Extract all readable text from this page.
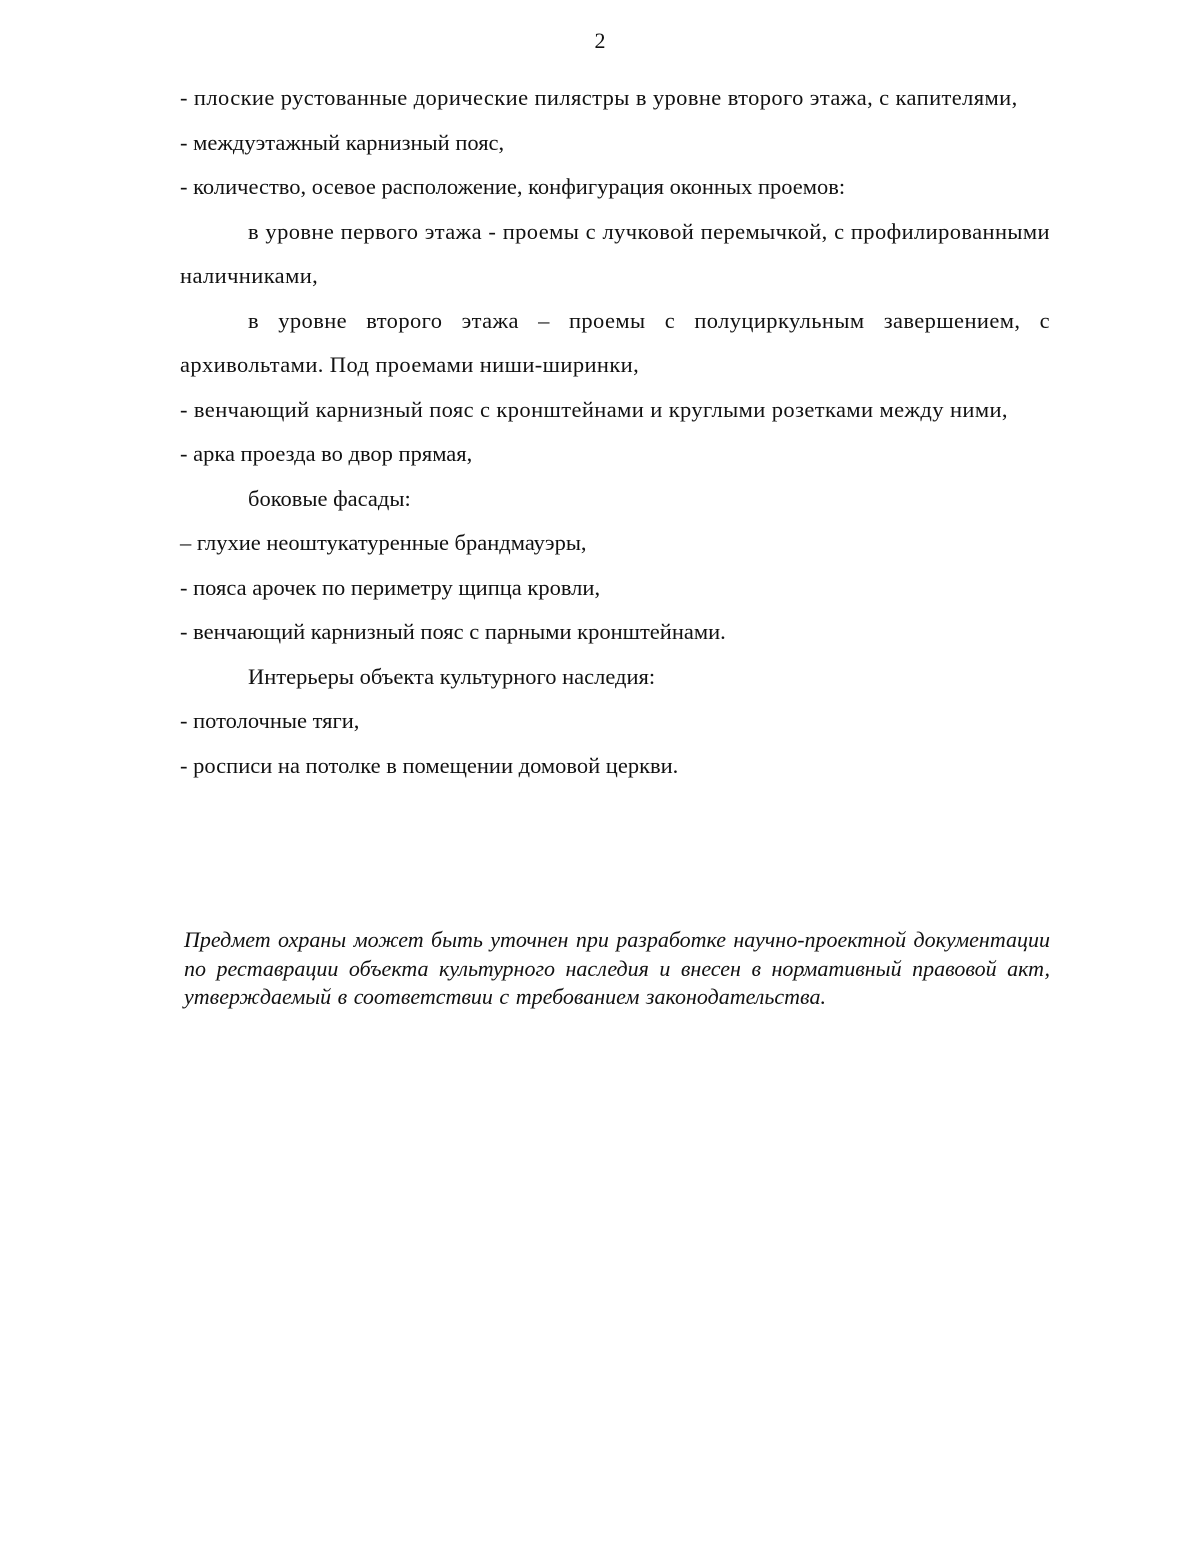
2

- плоские рустованные дорические пилястры в уровне второго этажа, с капителями,

- междуэтажный карнизный пояс,

- количество, осевое расположение, конфигурация оконных проемов:

в уровне первого этажа - проемы с лучковой перемычкой, с профилированными наличниками,

в уровне второго этажа – проемы с полуциркульным завершением, с архивольтами. Под проемами ниши-ширинки,

- венчающий карнизный пояс с кронштейнами и круглыми розетками между ними,

- арка проезда во двор прямая,

боковые фасады:

– глухие неоштукатуренные брандмауэры,

- пояса арочек по периметру щипца кровли,

- венчающий карнизный пояс с парными кронштейнами.

Интерьеры объекта культурного наследия:

- потолочные тяги,

- росписи на потолке в помещении домовой церкви.

Предмет охраны может быть уточнен при разработке научно-проектной документации по реставрации объекта культурного наследия и внесен в нормативный правовой акт, утверждаемый в соответствии с требованием законодательства.
